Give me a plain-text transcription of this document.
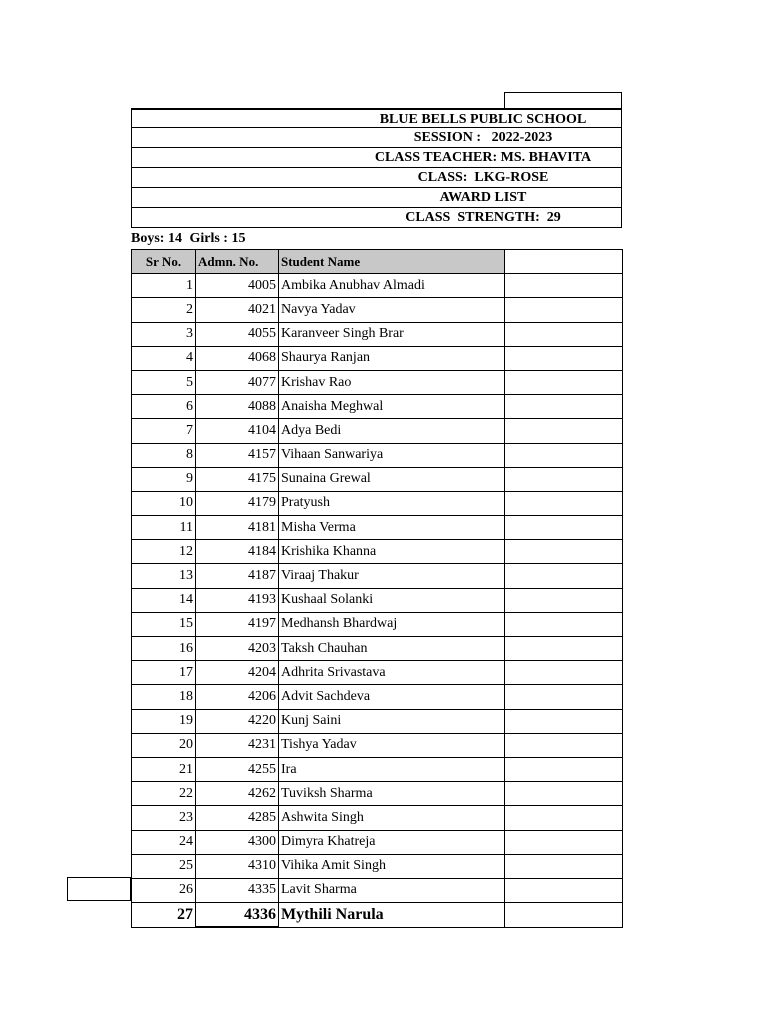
BLUE BELLS PUBLIC SCHOOL
SESSION :   2022-2023
CLASS TEACHER: MS. BHAVITA
CLASS:  LKG-ROSE
AWARD LIST
CLASS  STRENGTH:  29
Boys: 14 Girls : 15
Sr No.	Admn. No.	Student Name	
1	4005	Ambika Anubhav Almadi	
2	4021	Navya Yadav	
3	4055	Karanveer Singh Brar	
4	4068	Shaurya Ranjan	
5	4077	Krishav Rao	
6	4088	Anaisha Meghwal	
7	4104	Adya Bedi	
8	4157	Vihaan Sanwariya	
9	4175	Sunaina Grewal	
10	4179	Pratyush	
11	4181	Misha Verma	
12	4184	Krishika Khanna	
13	4187	Viraaj Thakur	
14	4193	Kushaal Solanki	
15	4197	Medhansh Bhardwaj	
16	4203	Taksh Chauhan	
17	4204	Adhrita Srivastava	
18	4206	Advit Sachdeva	
19	4220	Kunj Saini	
20	4231	Tishya Yadav	
21	4255	Ira	
22	4262	Tuviksh Sharma	
23	4285	Ashwita Singh	
24	4300	Dimyra Khatreja	
25	4310	Vihika Amit Singh	
26	4335	Lavit Sharma	
27	4336	Mythili Narula	
